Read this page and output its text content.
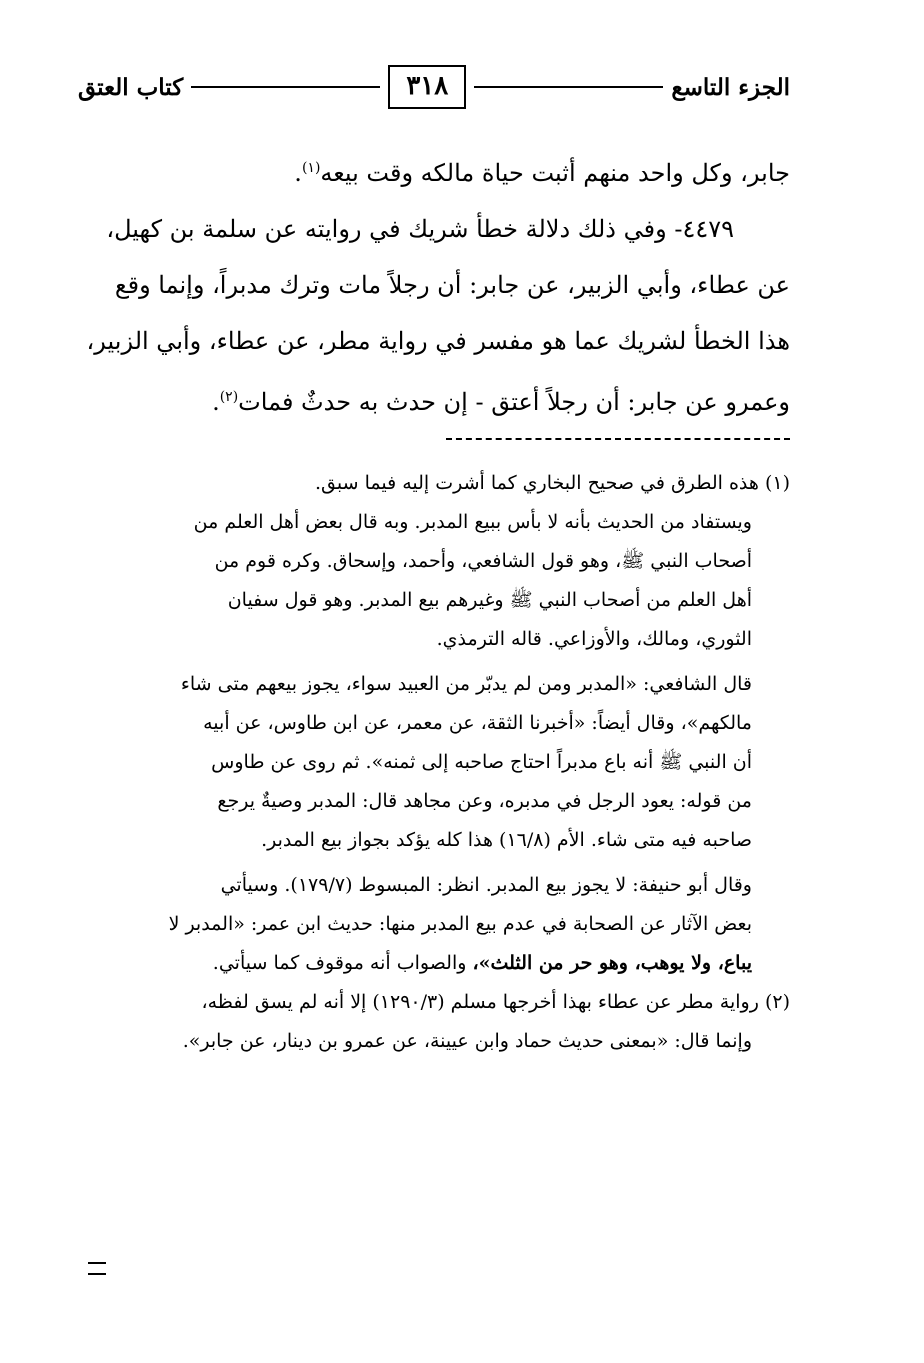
الجزء التاسع
٣١٨
كتاب العتق

جابر، وكل واحد منهم أثبت حياة مالكه وقت بيعه$^{(١)}$.

٤٤٧٩- وفي ذلك دلالة خطأ شريك في روايته عن سلمة بن كهيل،

عن عطاء، وأبي الزبير، عن جابر: أن رجلاً مات وترك مدبراً، وإنما وقع

هذا الخطأ لشريك عما هو مفسر في رواية مطر، عن عطاء، وأبي الزبير،

وعمرو عن جابر: أن رجلاً أعتق - إن حدث به حدثٌ فمات$^{(٢)}$.

(١) هذه الطرق في صحيح البخاري كما أشرت إليه فيما سبق.

ويستفاد من الحديث بأنه لا بأس ببيع المدبر. وبه قال بعض أهل العلم من

أصحاب النبي ﷺ، وهو قول الشافعي، وأحمد، وإسحاق. وكره قوم من

أهل العلم من أصحاب النبي ﷺ وغيرهم بيع المدبر. وهو قول سفيان

الثوري، ومالك، والأوزاعي. قاله الترمذي.

قال الشافعي: «المدبر ومن لم يدبّر من العبيد سواء، يجوز بيعهم متى شاء

مالكهم»، وقال أيضاً: «أخبرنا الثقة، عن معمر، عن ابن طاوس، عن أبيه

أن النبي ﷺ أنه باع مدبراً احتاج صاحبه إلى ثمنه». ثم روى عن طاوس

من قوله: يعود الرجل في مدبره، وعن مجاهد قال: المدبر وصيةٌ يرجع

صاحبه فيه متى شاء. الأم (١٦/٨) هذا كله يؤكد بجواز بيع المدبر.

وقال أبو حنيفة: لا يجوز بيع المدبر. انظر: المبسوط (١٧٩/٧). وسيأتي

بعض الآثار عن الصحابة في عدم بيع المدبر منها: حديث ابن عمر: «المدبر لا

يباع، ولا يوهب، وهو حر من الثلث»، والصواب أنه موقوف كما سيأتي.

(٢) رواية مطر عن عطاء بهذا أخرجها مسلم (١٢٩٠/٣) إلا أنه لم يسق لفظه،

وإنما قال: «بمعنى حديث حماد وابن عيينة، عن عمرو بن دينار، عن جابر».
